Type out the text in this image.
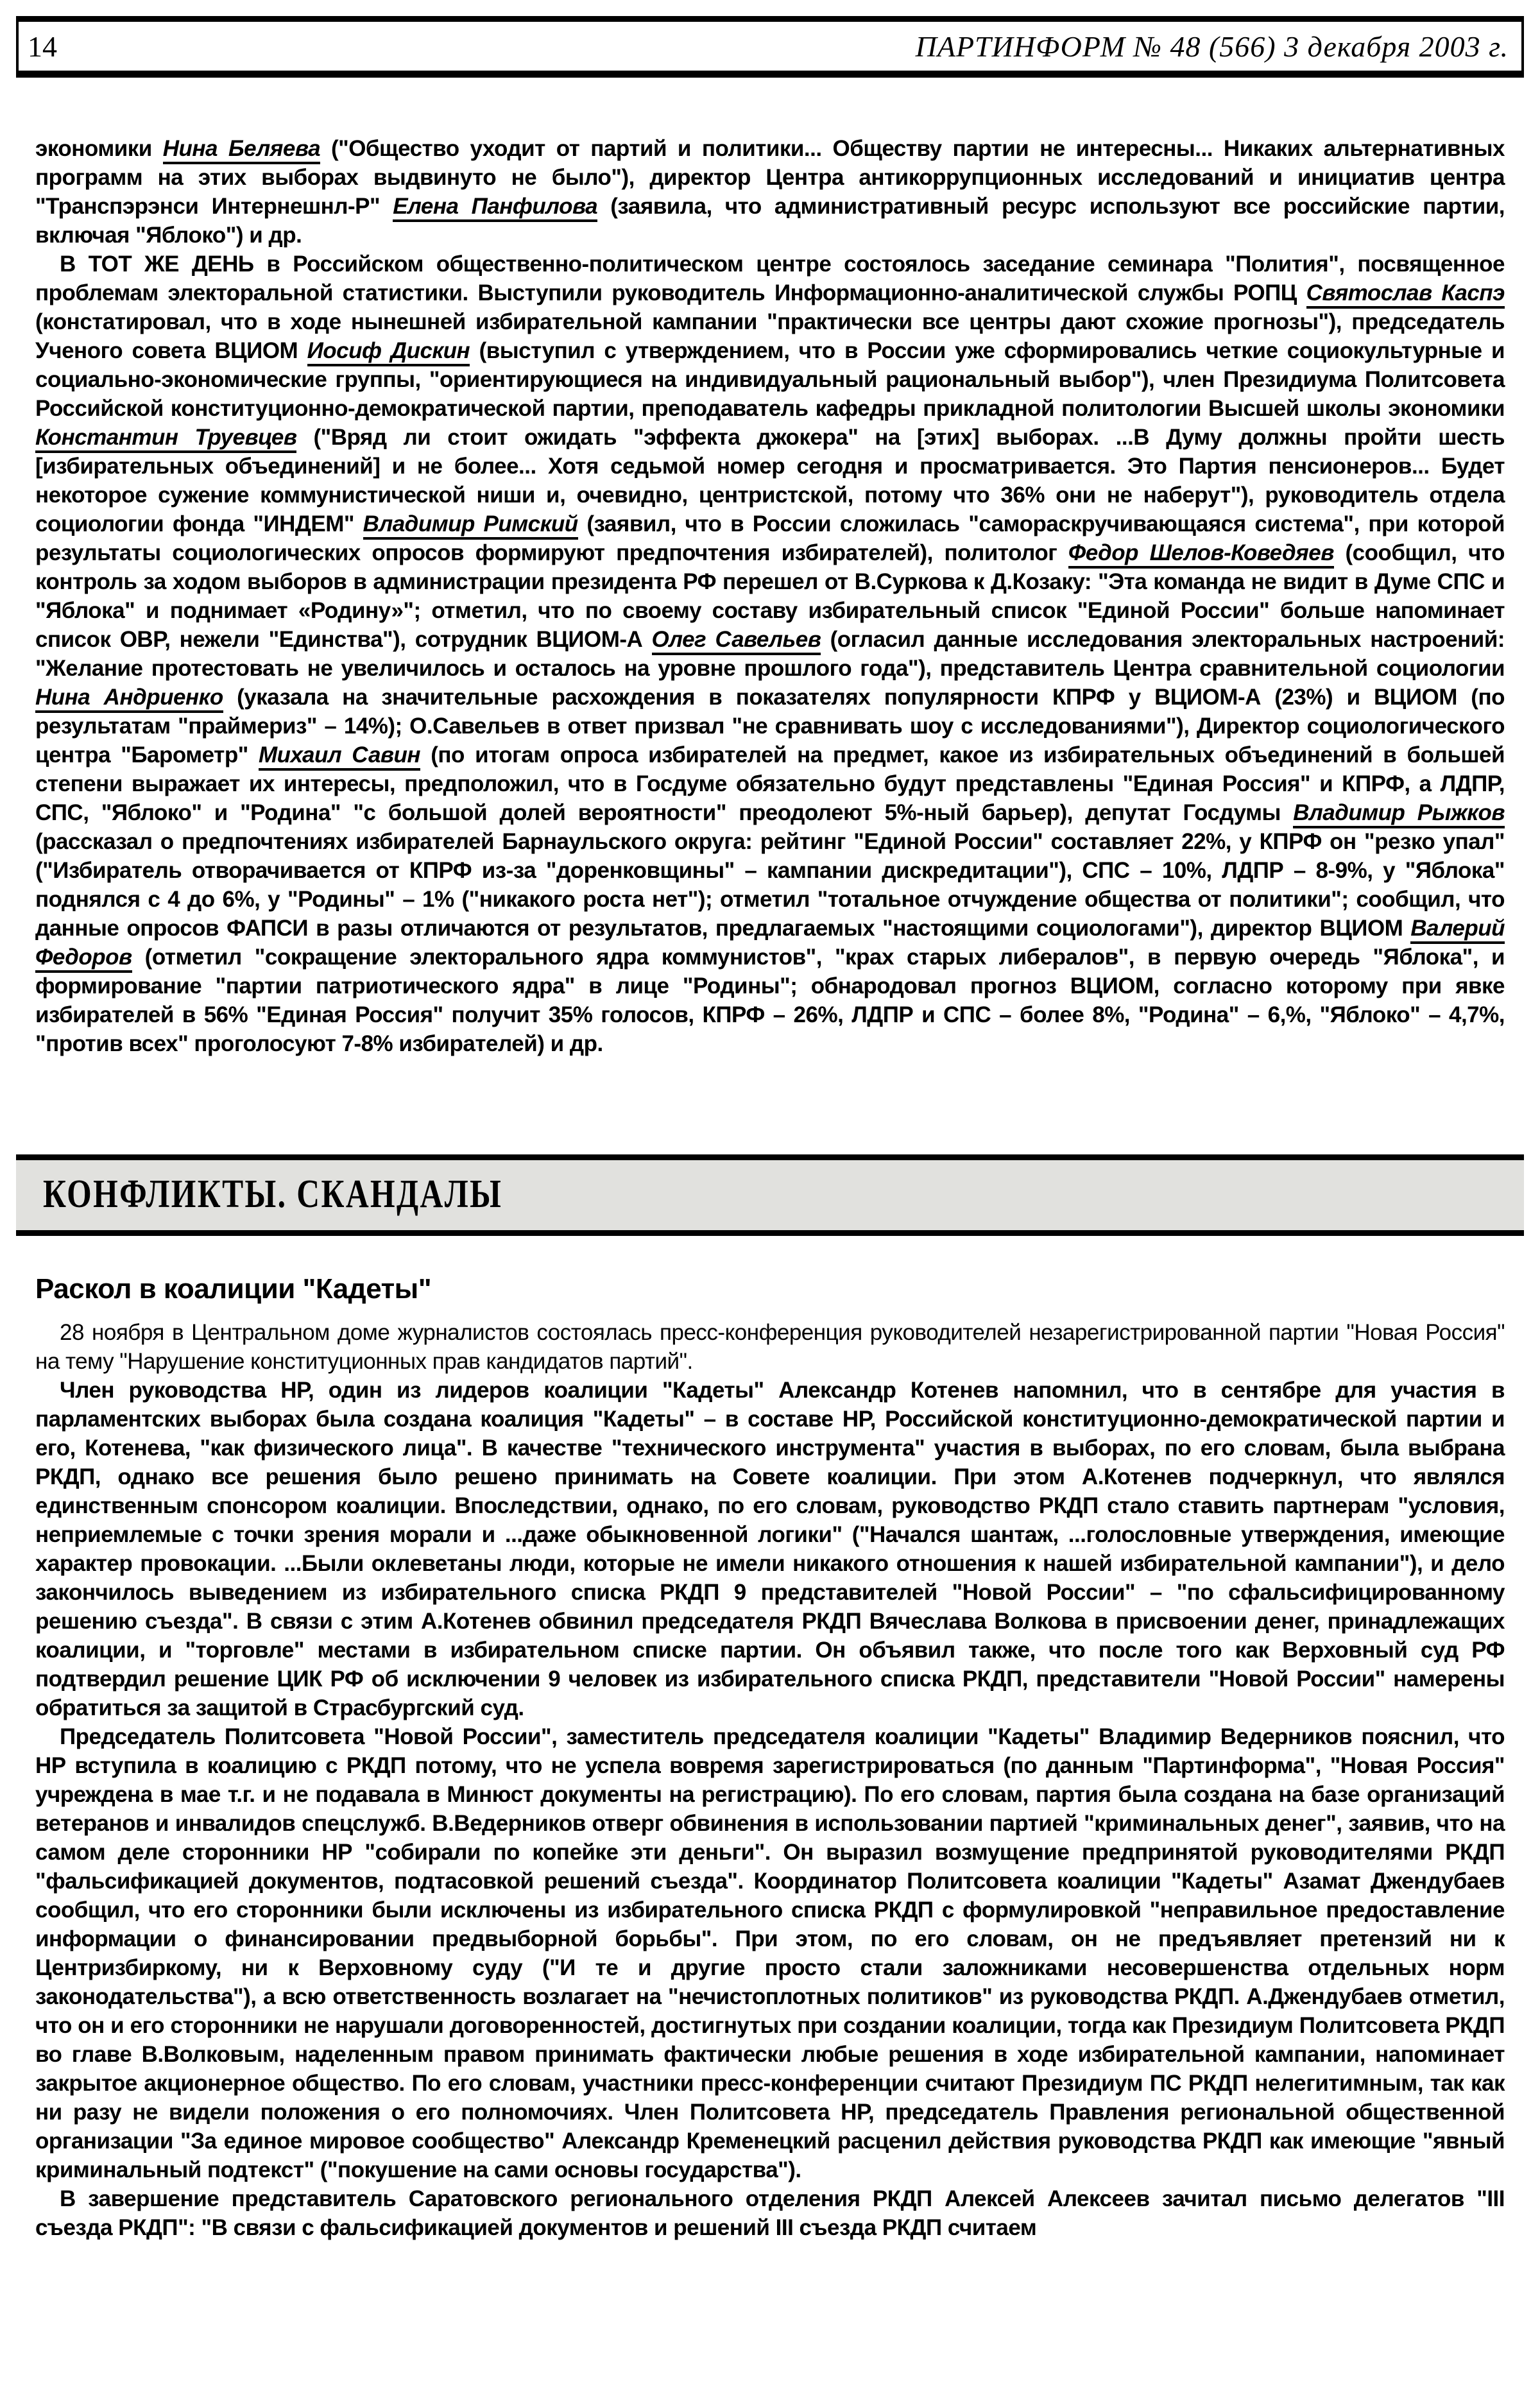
14	ПАРТИНФОРМ № 48 (566) 3 декабря 2003 г.

экономики Нина Беляева ("Общество уходит от партий и политики... Обществу партии не интересны... Никаких альтернативных программ на этих выборах выдвинуто не было"), директор Центра антикоррупционных исследований и инициатив центра "Транспэрэнси Интернешнл-Р" Елена Панфилова (заявила, что административный ресурс используют все российские партии, включая "Яблоко") и др.

В ТОТ ЖЕ ДЕНЬ в Российском общественно-политическом центре состоялось заседание семинара "Полития", посвященное проблемам электоральной статистики. Выступили руководитель Информационно-аналитической службы РОПЦ Святослав Каспэ (констатировал, что в ходе нынешней избирательной кампании "практически все центры дают схожие прогнозы"), председатель Ученого совета ВЦИОМ Иосиф Дискин (выступил с утверждением, что в России уже сформировались четкие социокультурные и социально-экономические группы, "ориентирующиеся на индивидуальный рациональный выбор"), член Президиума Политсовета Российской конституционно-демократической партии, преподаватель кафедры прикладной политологии Высшей школы экономики Константин Труевцев ("Вряд ли стоит ожидать "эффекта джокера" на [этих] выборах. ...В Думу должны пройти шесть [избирательных объединений] и не более... Хотя седьмой номер сегодня и просматривается. Это Партия пенсионеров... Будет некоторое сужение коммунистической ниши и, очевидно, центристской, потому что 36% они не наберут"), руководитель отдела социологии фонда "ИНДЕМ" Владимир Римский (заявил, что в России сложилась "самораскручивающаяся система", при которой результаты социологических опросов формируют предпочтения избирателей), политолог Федор Шелов-Коведяев (сообщил, что контроль за ходом выборов в администрации президента РФ перешел от В.Суркова к Д.Козаку: "Эта команда не видит в Думе СПС и "Яблока" и поднимает «Родину»"; отметил, что по своему составу избирательный список "Единой России" больше напоминает список ОВР, нежели "Единства"), сотрудник ВЦИОМ-А Олег Савельев (огласил данные исследования электоральных настроений: "Желание протестовать не увеличилось и осталось на уровне прошлого года"), представитель Центра сравнительной социологии Нина Андриенко (указала на значительные расхождения в показателях популярности КПРФ у ВЦИОМ-А (23%) и ВЦИОМ (по результатам "праймериз" – 14%); О.Савельев в ответ призвал "не сравнивать шоу с исследованиями"), Директор социологического центра "Барометр" Михаил Савин (по итогам опроса избирателей на предмет, какое из избирательных объединений в большей степени выражает их интересы, предположил, что в Госдуме обязательно будут представлены "Единая Россия" и КПРФ, а ЛДПР, СПС, "Яблоко" и "Родина" "с большой долей вероятности" преодолеют 5%-ный барьер), депутат Госдумы Владимир Рыжков (рассказал о предпочтениях избирателей Барнаульского округа: рейтинг "Единой России" составляет 22%, у КПРФ он "резко упал" ("Избиратель отворачивается от КПРФ из-за "доренковщины" – кампании дискредитации"), СПС – 10%, ЛДПР – 8-9%, у "Яблока" поднялся с 4 до 6%, у "Родины" – 1% ("никакого роста нет"); отметил "тотальное отчуждение общества от политики"; сообщил, что данные опросов ФАПСИ в разы отличаются от результатов, предлагаемых "настоящими социологами"), директор ВЦИОМ Валерий Федоров (отметил "сокращение электорального ядра коммунистов", "крах старых либералов", в первую очередь "Яблока", и формирование "партии патриотического ядра" в лице "Родины"; обнародовал прогноз ВЦИОМ, согласно которому при явке избирателей в 56% "Единая Россия" получит 35% голосов, КПРФ – 26%, ЛДПР и СПС – более 8%, "Родина" – 6,%, "Яблоко" – 4,7%, "против всех" проголосуют 7-8% избирателей) и др.

КОНФЛИКТЫ. СКАНДАЛЫ
Раскол в коалиции "Кадеты"

28 ноября в Центральном доме журналистов состоялась пресс-конференция руководителей незарегистрированной партии "Новая Россия" на тему "Нарушение конституционных прав кандидатов партий".

Член руководства НР, один из лидеров коалиции "Кадеты" Александр Котенев напомнил, что в сентябре для участия в парламентских выборах была создана коалиция "Кадеты" – в составе НР, Российской конституционно-демократической партии и его, Котенева, "как физического лица". В качестве "технического инструмента" участия в выборах, по его словам, была выбрана РКДП, однако все решения было решено принимать на Совете коалиции. При этом А.Котенев подчеркнул, что являлся единственным спонсором коалиции. Впоследствии, однако, по его словам, руководство РКДП стало ставить партнерам "условия, неприемлемые с точки зрения морали и ...даже обыкновенной логики" ("Начался шантаж, ...голословные утверждения, имеющие характер провокации. ...Были оклеветаны люди, которые не имели никакого отношения к нашей избирательной кампании"), и дело закончилось выведением из избирательного списка РКДП 9 представителей "Новой России" – "по сфальсифицированному решению съезда". В связи с этим А.Котенев обвинил председателя РКДП Вячеслава Волкова в присвоении денег, принадлежащих коалиции, и "торговле" местами в избирательном списке партии. Он объявил также, что после того как Верховный суд РФ подтвердил решение ЦИК РФ об исключении 9 человек из избирательного списка РКДП, представители "Новой России" намерены обратиться за защитой в Страсбургский суд.

Председатель Политсовета "Новой России", заместитель председателя коалиции "Кадеты" Владимир Ведерников пояснил, что НР вступила в коалицию с РКДП потому, что не успела вовремя зарегистрироваться (по данным "Партинформа", "Новая Россия" учреждена в мае т.г. и не подавала в Минюст документы на регистрацию). По его словам, партия была создана на базе организаций ветеранов и инвалидов спецслужб. В.Ведерников отверг обвинения в использовании партией "криминальных денег", заявив, что на самом деле сторонники НР "собирали по копейке эти деньги". Он выразил возмущение предпринятой руководителями РКДП "фальсификацией документов, подтасовкой решений съезда". Координатор Политсовета коалиции "Кадеты" Азамат Джендубаев сообщил, что его сторонники были исключены из избирательного списка РКДП с формулировкой "неправильное предоставление информации о финансировании предвыборной борьбы". При этом, по его словам, он не предъявляет претензий ни к Центризбиркому, ни к Верховному суду ("И те и другие просто стали заложниками несовершенства отдельных норм законодательства"), а всю ответственность возлагает на "нечистоплотных политиков" из руководства РКДП. А.Джендубаев отметил, что он и его сторонники не нарушали договоренностей, достигнутых при создании коалиции, тогда как Президиум Политсовета РКДП во главе В.Волковым, наделенным правом принимать фактически любые решения в ходе избирательной кампании, напоминает закрытое акционерное общество. По его словам, участники пресс-конференции считают Президиум ПС РКДП нелегитимным, так как ни разу не видели положения о его полномочиях. Член Политсовета НР, председатель Правления региональной общественной организации "За единое мировое сообщество" Александр Кременецкий расценил действия руководства РКДП как имеющие "явный криминальный подтекст" ("покушение на сами основы государства").

В завершение представитель Саратовского регионального отделения РКДП Алексей Алексеев зачитал письмо делегатов "III съезда РКДП": "В связи с фальсификацией документов и решений III съезда РКДП считаем
